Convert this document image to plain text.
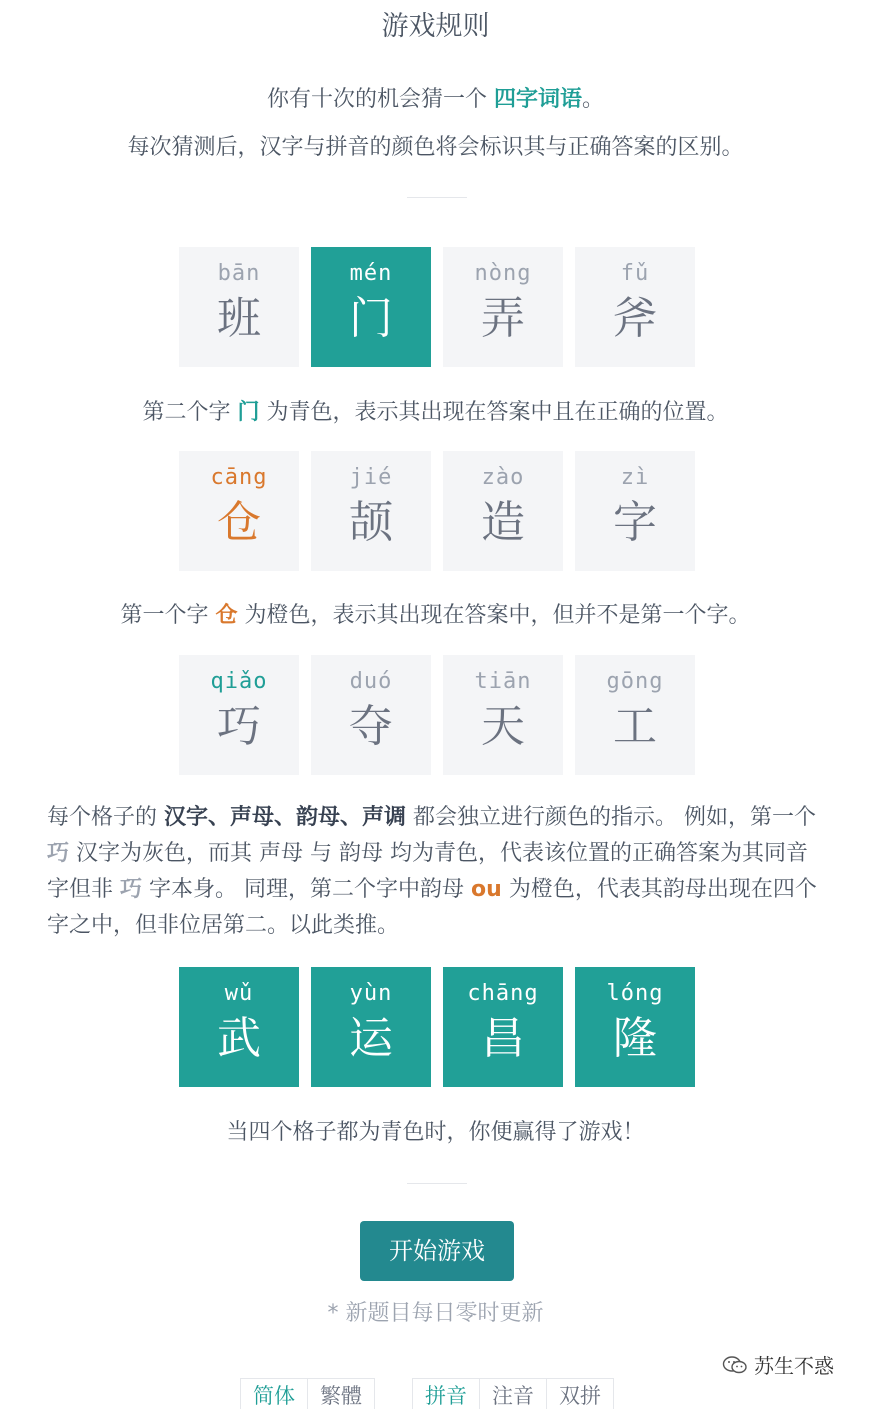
游戏规则
你有十次的机会猜一个 四字词语。
每次猜测后，汉字与拼音的颜色将会标识其与正确答案的区别。
bān
班
mén
门
nòng
弄
fǔ
斧
第二个字 门 为青色，表示其出现在答案中且在正确的位置。
cāng
仓
jié
颉
zào
造
zì
字
第一个字 仓 为橙色，表示其出现在答案中，但并不是第一个字。
qiǎo
巧
duó
夺
tiān
天
gōng
工
每个格子的 汉字、声母、韵母、声调 都会独立进行颜色的指示。 例如，第一个 巧 汉字为灰色，而其 声母 与 韵母 均为青色，代表该位置的正确答案为其同音字但非 巧 字本身。 同理，第二个字中韵母 ou 为橙色，代表其韵母出现在四个字之中，但非位居第二。以此类推。
wǔ
武
yùn
运
chāng
昌
lóng
隆
当四个格子都为青色时，你便赢得了游戏！
开始游戏
* 新题目每日零时更新
简体	繁體	拼音	注音	双拼
苏生不惑
